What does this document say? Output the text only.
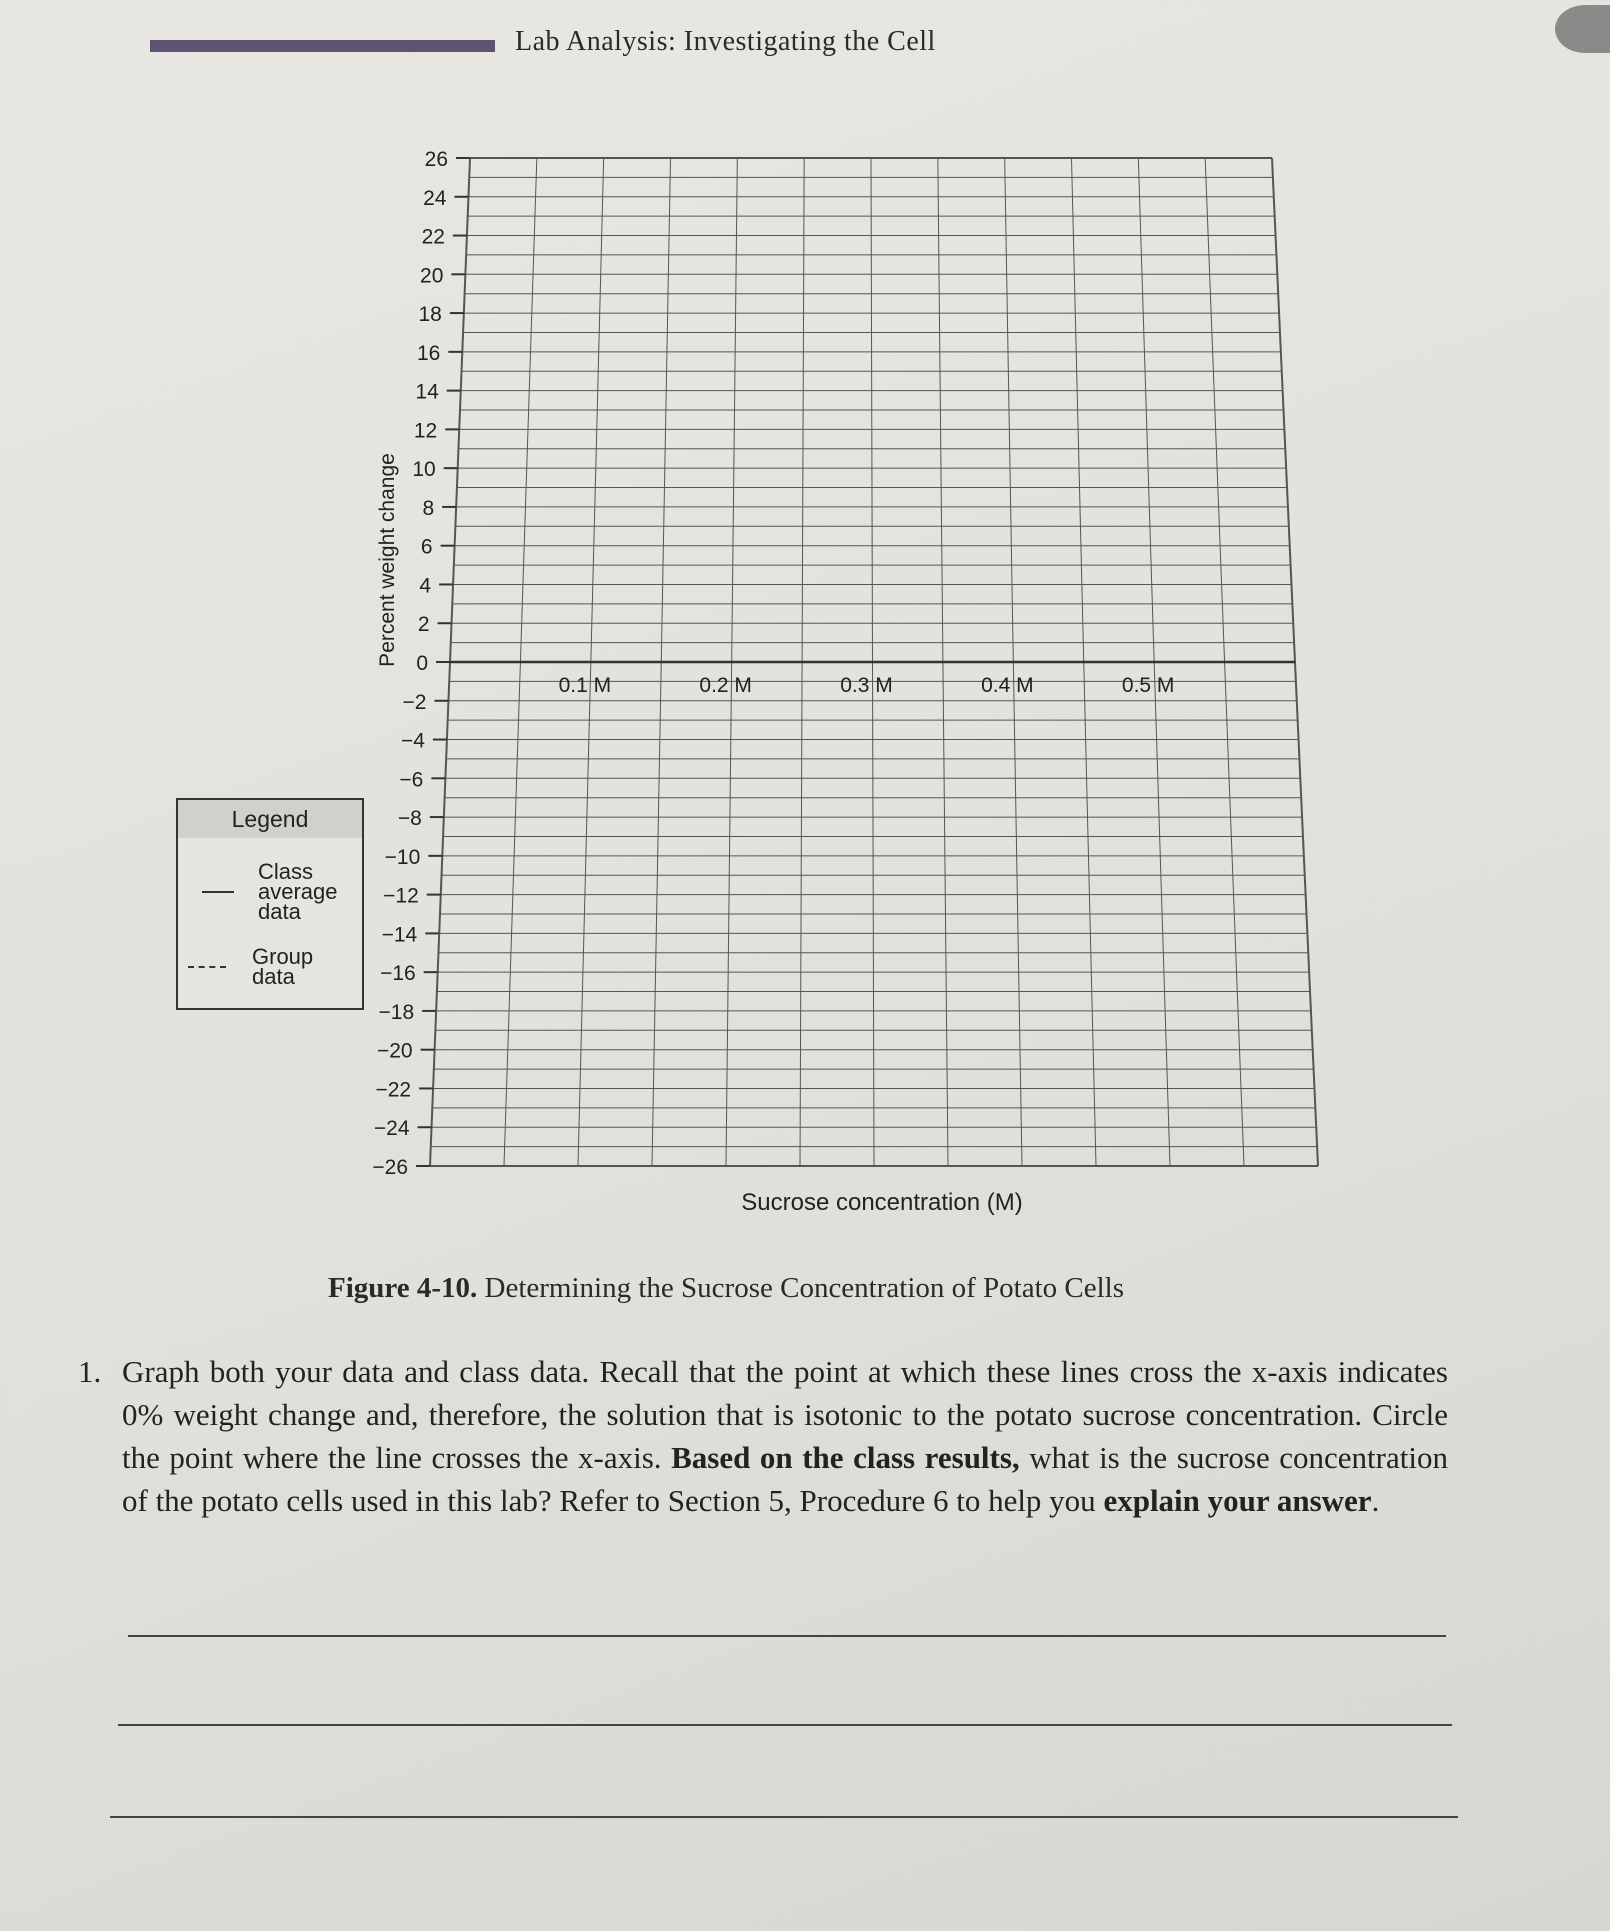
Lab Analysis: Investigating the Cell
26
24
22
20
18
16
14
12
10
8
6
4
2
0
−2
−4
−6
−8
−10
−12
−14
−16
−18
−20
−22
−24
−26
0.1 M	0.2 M	0.3 M	0.4 M	0.5 M
Percent weight change
Sucrose concentration (M)
Legend
Class
average
data
Group
data
Figure 4-10. Determining the Sucrose Concentration of Potato Cells
1. Graph both your data and class data. Recall that the point at which these lines cross the x-axis indicates 0% weight change and, therefore, the solution that is isotonic to the potato sucrose concentration. Circle the point where the line crosses the x-axis. Based on the class results, what is the sucrose concentration of the potato cells used in this lab? Refer to Section 5, Procedure 6 to help you explain your answer.
